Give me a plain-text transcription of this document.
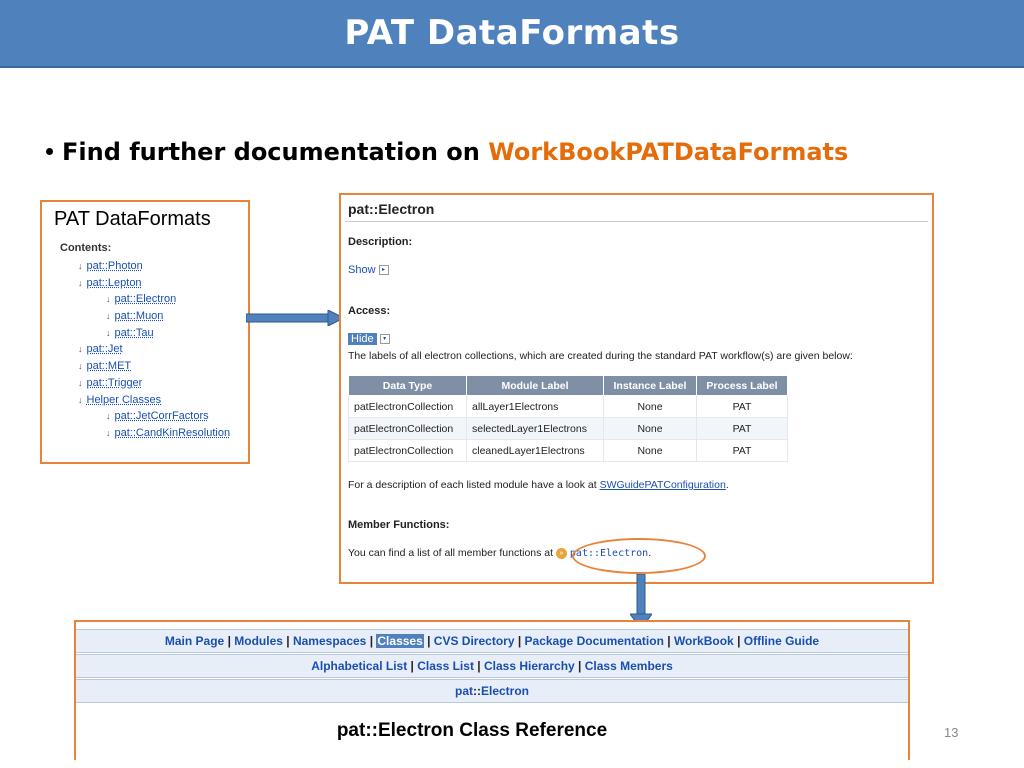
PAT DataFormats
Find further documentation on WorkBookPATDataFormats
PAT DataFormats
Contents:
↓ pat::Photon
↓ pat::Lepton
↓ pat::Electron
↓ pat::Muon
↓ pat::Tau
↓ pat::Jet
↓ pat::MET
↓ pat::Trigger
↓ Helper Classes
↓ pat::JetCorrFactors
↓ pat::CandKinResolution
pat::Electron
Description:
Show ▸
Access:
Hide ▾
The labels of all electron collections, which are created during the standard PAT workflow(s) are given below:
Data Type	Module Label	Instance Label	Process Label
patElectronCollection	allLayer1Electrons	None	PAT
patElectronCollection	selectedLayer1Electrons	None	PAT
patElectronCollection	cleanedLayer1Electrons	None	PAT
For a description of each listed module have a look at SWGuidePATConfiguration.
Member Functions:
You can find a list of all member functions at » pat::Electron.
Main Page | Modules | Namespaces | Classes | CVS Directory | Package Documentation | WorkBook | Offline Guide
Alphabetical List | Class List | Class Hierarchy | Class Members
pat::Electron
pat::Electron Class Reference	13
